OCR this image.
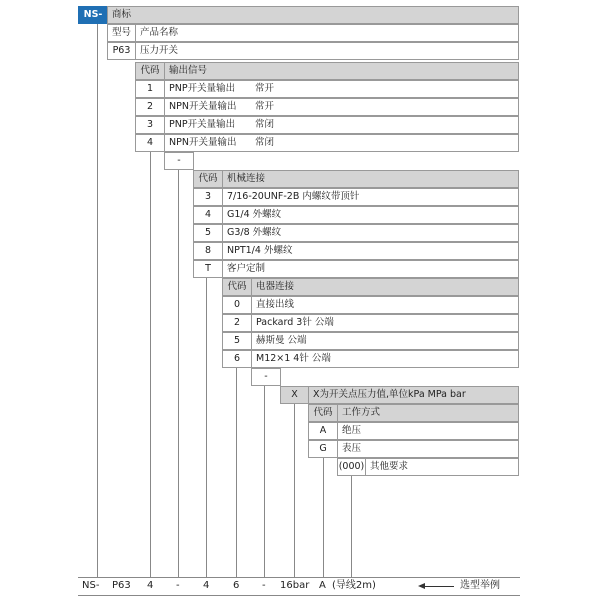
NS-	商标
型号 产品名称
P63	压力开关
代码	输出信号
1	PNP开关量输出 常开
2	NPN开关量输出 常开
3	PNP开关量输出 常闭
4	NPN开关量输出 常闭
-
代码	机械连接
3	7/16-20UNF-2B 内螺纹带顶针
4	G1/4 外螺纹
5	G3/8 外螺纹
8	NPT1/4 外螺纹
T	客户定制
代码	电器连接
0	直接出线
2	Packard 3针 公端
5	赫斯曼 公端
6	M12×1 4针 公端
-
X	X为开关点压力值,单位kPa MPa bar
代码	工作方式
A	绝压
G	表压
(000) 其他要求
NS- P63 4 - 4 6 - 16bar A (导线2m)	选型举例
